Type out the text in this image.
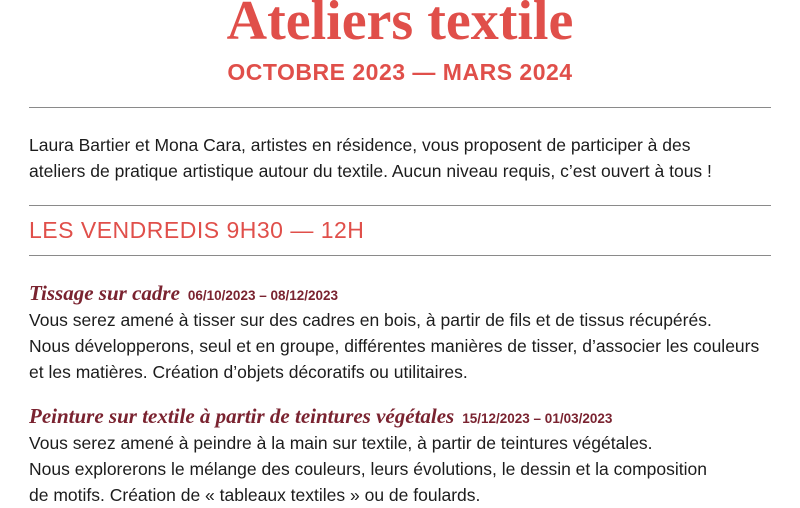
Ateliers textile
OCTOBRE 2023 — MARS 2024

Laura Bartier et Mona Cara, artistes en résidence, vous proposent de participer à des

ateliers de pratique artistique autour du textile. Aucun niveau requis, c’est ouvert à tous !

LES VENDREDIS 9H30 — 12H
Tissage sur cadre 06/10/2023 – 08/12/2023

Vous serez amené à tisser sur des cadres en bois, à partir de fils et de tissus récupérés.

Nous développerons, seul et en groupe, différentes manières de tisser, d’associer les couleurs

et les matières. Création d’objets décoratifs ou utilitaires.

Peinture sur textile à partir de teintures végétales 15/12/2023 – 01/03/2023

Vous serez amené à peindre à la main sur textile, à partir de teintures végétales.

Nous explorerons le mélange des couleurs, leurs évolutions, le dessin et la composition

de motifs. Création de « tableaux textiles » ou de foulards.
